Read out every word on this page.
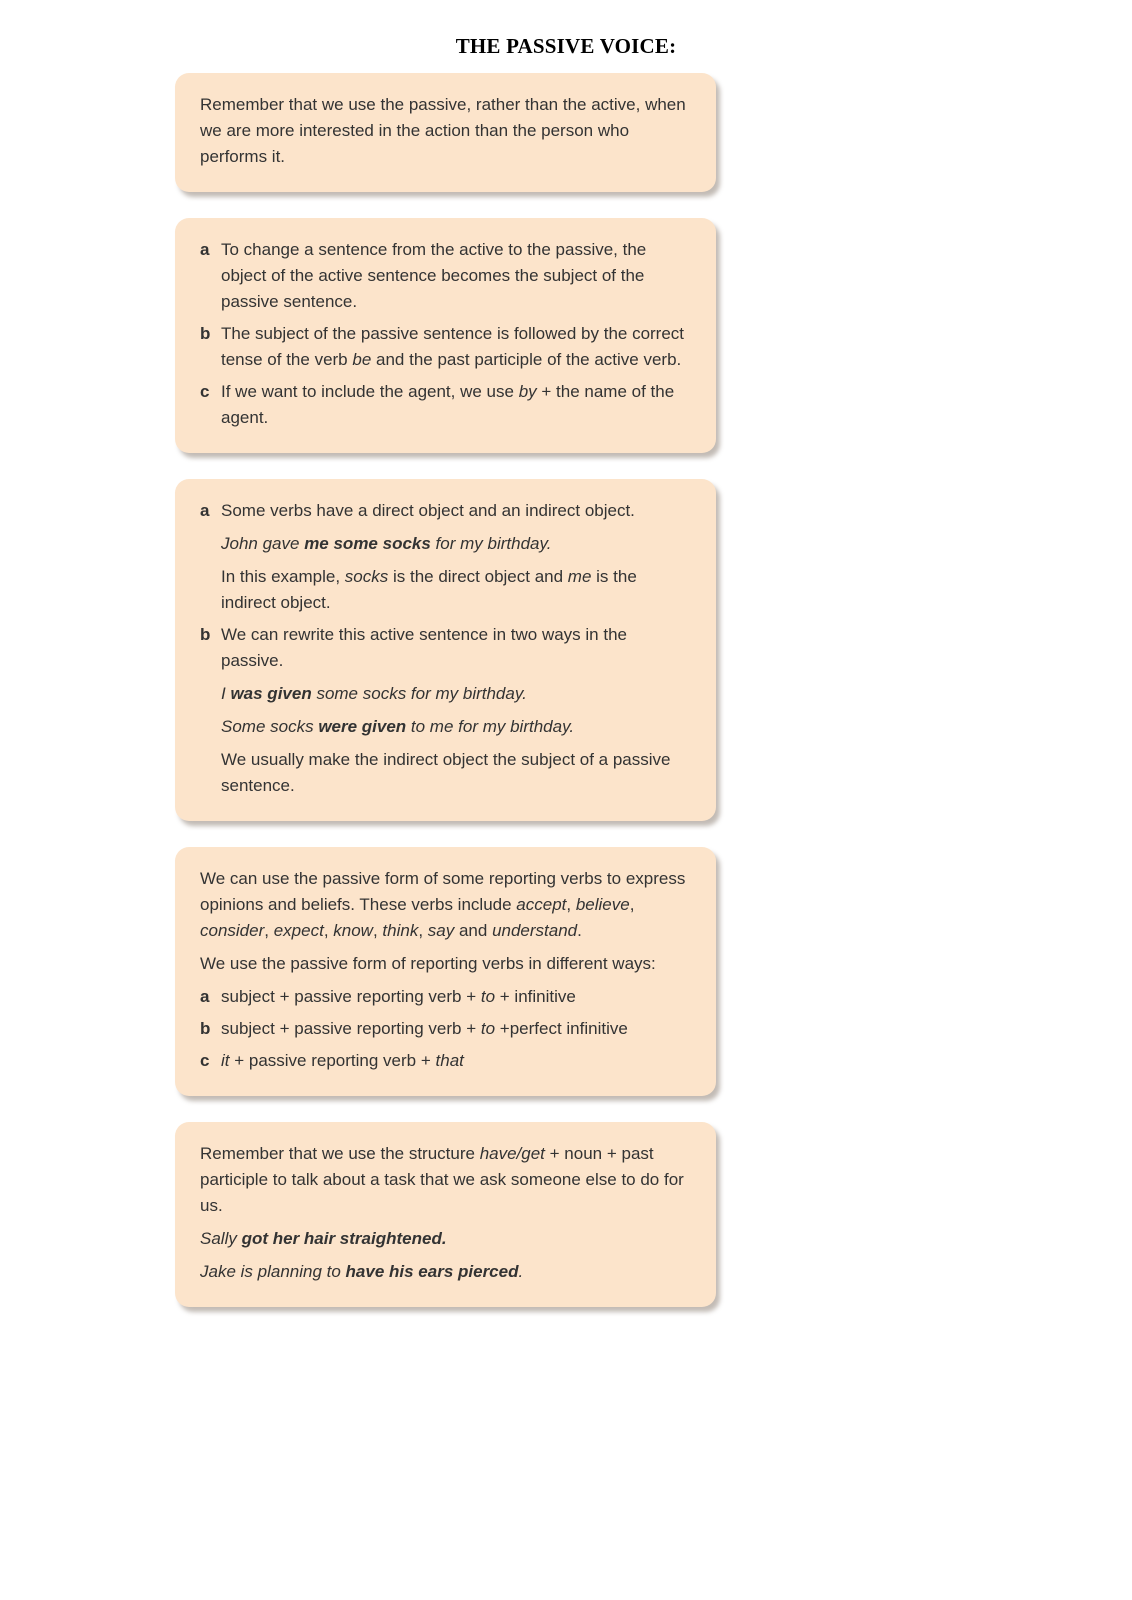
THE PASSIVE VOICE:

Remember that we use the passive, rather than the active, when we are more interested in the action than the person who performs it.

a To change a sentence from the active to the passive, the object of the active sentence becomes the subject of the passive sentence.

b The subject of the passive sentence is followed by the correct tense of the verb be and the past participle of the active verb.

c If we want to include the agent, we use by + the name of the agent.

a Some verbs have a direct object and an indirect object.

John gave me some socks for my birthday.

In this example, socks is the direct object and me is the indirect object.

b We can rewrite this active sentence in two ways in the passive.

I was given some socks for my birthday.

Some socks were given to me for my birthday.

We usually make the indirect object the subject of a passive sentence.

We can use the passive form of some reporting verbs to express opinions and beliefs. These verbs include accept, believe, consider, expect, know, think, say and understand.

We use the passive form of reporting verbs in different ways:

a subject + passive reporting verb + to + infinitive

b subject + passive reporting verb + to +perfect infinitive

c it + passive reporting verb + that

Remember that we use the structure have/get + noun + past participle to talk about a task that we ask someone else to do for us.

Sally got her hair straightened.

Jake is planning to have his ears pierced.
